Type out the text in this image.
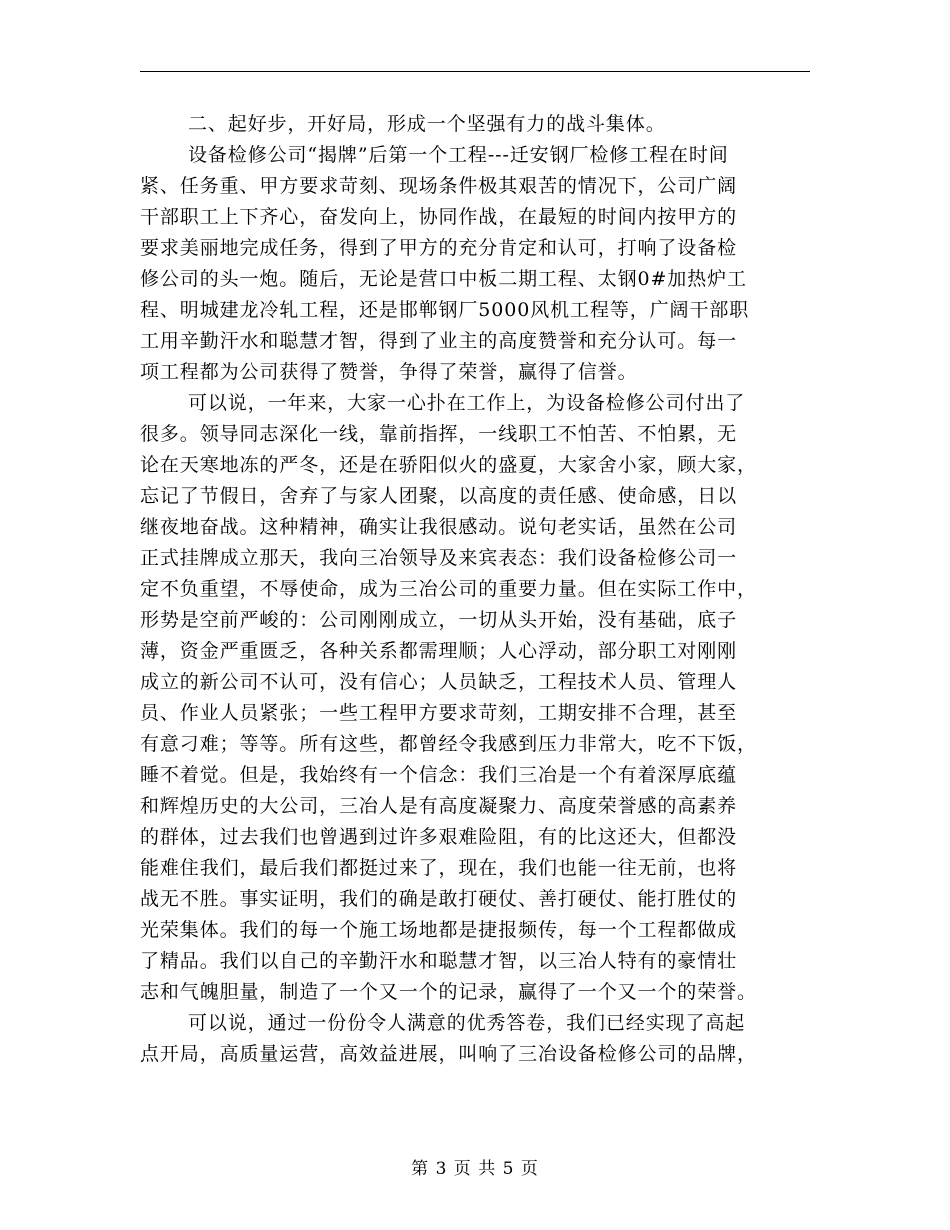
二、起好步，开好局，形成一个坚强有力的战斗集体。

设备检修公司“揭牌”后第一个工程---迁安钢厂检修工程在时间
紧、任务重、甲方要求苛刻、现场条件极其艰苦的情况下，公司广阔
干部职工上下齐心，奋发向上，协同作战，在最短的时间内按甲方的
要求美丽地完成任务，得到了甲方的充分肯定和认可，打响了设备检
修公司的头一炮。随后，无论是营口中板二期工程、太钢0#加热炉工
程、明城建龙冷轧工程，还是邯郸钢厂5000风机工程等，广阔干部职
工用辛勤汗水和聪慧才智，得到了业主的高度赞誉和充分认可。每一
项工程都为公司获得了赞誉，争得了荣誉，赢得了信誉。

可以说，一年来，大家一心扑在工作上，为设备检修公司付出了
很多。领导同志深化一线，靠前指挥，一线职工不怕苦、不怕累，无
论在天寒地冻的严冬，还是在骄阳似火的盛夏，大家舍小家，顾大家，
忘记了节假日，舍弃了与家人团聚，以高度的责任感、使命感，日以
继夜地奋战。这种精神，确实让我很感动。说句老实话，虽然在公司
正式挂牌成立那天，我向三冶领导及来宾表态：我们设备检修公司一
定不负重望，不辱使命，成为三冶公司的重要力量。但在实际工作中，
形势是空前严峻的：公司刚刚成立，一切从头开始，没有基础，底子
薄，资金严重匮乏，各种关系都需理顺；人心浮动，部分职工对刚刚
成立的新公司不认可，没有信心；人员缺乏，工程技术人员、管理人
员、作业人员紧张；一些工程甲方要求苛刻，工期安排不合理，甚至
有意刁难；等等。所有这些，都曾经令我感到压力非常大，吃不下饭，
睡不着觉。但是，我始终有一个信念：我们三冶是一个有着深厚底蕴
和辉煌历史的大公司，三冶人是有高度凝聚力、高度荣誉感的高素养
的群体，过去我们也曾遇到过许多艰难险阻，有的比这还大，但都没
能难住我们，最后我们都挺过来了，现在，我们也能一往无前，也将
战无不胜。事实证明，我们的确是敢打硬仗、善打硬仗、能打胜仗的
光荣集体。我们的每一个施工场地都是捷报频传，每一个工程都做成
了精品。我们以自己的辛勤汗水和聪慧才智，以三冶人特有的豪情壮
志和气魄胆量，制造了一个又一个的记录，赢得了一个又一个的荣誉。

可以说，通过一份份令人满意的优秀答卷，我们已经实现了高起
点开局，高质量运营，高效益进展，叫响了三冶设备检修公司的品牌，

第 3 页 共 5 页
